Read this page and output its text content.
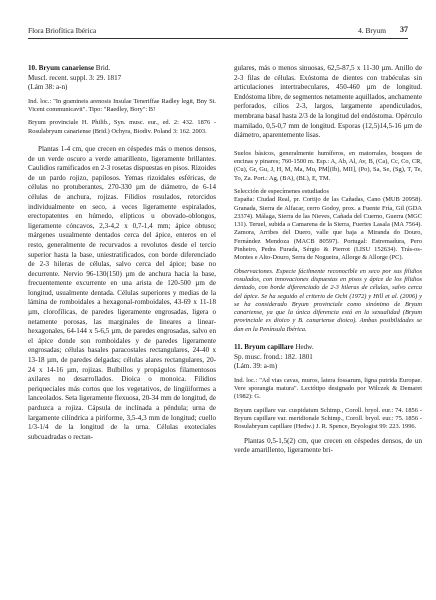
Flora Briofítica Ibérica	4. Bryum 37

10. Bryum canariense Brid.

Muscl. recent. suppl. 3: 29. 1817

(Lám 38: a-n)

Ind. loc.: "In gramineis arenosis Insulae Teneriffae Radley legit, Bny St. Vicent communicavit". Tipo: "Raedley, Bory": B!

Bryum provinciale H. Philib., Syn. musc. eur., ed. 2: 432. 1876 - Rosulabryum canariense (Brid.) Ochyra, Biodiv. Poland 3: 162. 2003.

Plantas 1-4 cm, que crecen en céspedes más o menos densos, de un verde oscuro a verde amarillento, ligeramente brillantes. Caulidios ramificados en 2-3 rosetas dispuestas en pisos. Rizoides de un pardo rojizo, papilosos. Yemas rizoidales esféricas, de células no protuberantes, 270-330 µm de diámetro, de 6-14 células de anchura, rojizas. Filidios rosulados, retorcidos individualmente en seco, a veces ligeramente espiralados, erectopatentes en húmedo, elípticos u obovado-oblongos, ligeramente cóncavos, 2,3-4,2 x 0,7-1,4 mm; ápice obtuso; márgenes usualmente dentados cerca del ápice, enteros en el resto, generalmente de recurvados a revolutos desde el tercio superior hasta la base, uniestratificados, con borde diferenciado de 2-3 hileras de células, salvo cerca del ápice; base no decurrente. Nervio 96-130(150) µm de anchura hacia la base, frecuentemente excurrente en una arista de 120-500 µm de longitud, usualmente dentada. Células superiores y medias de la lámina de romboidales a hexagonal-romboidales, 43-69 x 11-18 µm, clorofílicas, de paredes ligeramente engrosadas, ligera o netamente porosas, las marginales de lineares a linear-hexagonales, 64-144 x 5-6,5 µm, de paredes engrosadas, salvo en el ápice donde son romboidales y de paredes ligeramente engrosadas; células basales paracostales rectangulares, 24-40 x 13-18 µm, de paredes delgadas; células alares rectangulares, 20-24 x 14-16 µm, rojizas. Bulbillos y propágulos filamentosos axilares no desarrollados. Dioica o monoica. Filidios periqueciales más cortos que los vegetativos, de lingüiformes a lanceolados. Seta ligeramente flexuosa, 20-34 mm de longitud, de parduzca a rojiza. Cápsula de inclinada a péndula; urna de largamente cilíndrica a piriforme, 3,5-4,3 mm de longitud; cuello 1/3-1/4 de la longitud de la urna. Células exoteciales subcuadradas o rectan-

gulares, más o menos sinuosas, 62,5-87,5 x 11-30 µm. Anillo de 2-3 filas de células. Exóstoma de dientes con trabéculas sin articulaciones intertrabeculares, 450-460 µm de longitud. Endóstoma libre, de segmentos netamente aquillados, anchamente perforados, cilios 2-3, largos, largamente apendiculados, membrana basal hasta 2/3 de la longitud del endóstoma. Opérculo mamilado, 0,5-0,7 mm de longitud. Esporas (12,5)14,5-16 µm de diámetro, aparentemente lisas.

Suelos básicos, generalmente humíferos, en matorrales, bosques de encinas y pinares; 760-1500 m. Esp.: A, Ab, Al, Av, B, (Ca), Cc, Co, CR, (Cu), Gr, Gu, J, H, M, Ma, Mu, PM[(Ib), MII], (Po), Sa, Se, (Sg), T, Te, To, Za. Port.: Ag, (BA), (BL), E, TM.

Selección de especímenes estudiados

España: Ciudad Real, pr. Cortijo de las Cañadas, Cano (MUB 20958). Granada, Sierra de Alfacar, cerro Godoy, prox. a Fuente Fría, Gil (GDA 23374). Málaga, Sierra de las Nieves, Cañada del Cuerno, Guerra (MGC 131). Teruel, subida a Camarena de la Sierra, Fuertes Lasala (MA 7564). Zamora, Arribes del Duero, valle que baja a Miranda do Douro, Fernández Mendoza (MACB 80597). Portugal: Estremadura, Pero Pinheiro, Pedra Furada, Sérgio & Pierrot (LISU 152634). Trás-os-Montes e Alto-Douro, Serra de Nogueira, Allorge & Allorge (PC).

Observaciones. Especie fácilmente reconocible en seco por sus filidios rosulados, con innovaciones dispuestas en pisos y ápice de los filidios dentado, con borde diferenciado de 2-3 hileras de células, salvo cerca del ápice. Se ha seguido el criterio de Ochi (1972) y Hill et al. (2006) y se ha considerado Bryum provinciale como sinónimo de Bryum canariense, ya que la única diferencia está en la sexualidad (Bryum provinciale es dioico y B. canariense dioico). Ambas posibilidades se dan en la Península Ibérica.

11. Bryum capillare Hedw.

Sp. musc. frond.: 182. 1801

(Lám. 39: a-m)

Ind. loc.: "Ad vias cavas, muros, latera fossarum, ligna putrida Europae. Vere sporangia matura". Lectótipo designado por Wilczek & Demaret (1982): G.

Bryum capillare var. cuspidatum Schimp., Coroll. bryol. eur.: 74. 1856 - Bryum capillare var. meridionale Schimp., Coroll. bryol. eur.: 75. 1856 - Rosulabryum capillare (Hedw.) J. R. Spence, Bryologist 99: 223. 1996.

Plantas 0,5-1,5(2) cm, que crecen en céspedes densos, de un verde amarillento, ligeramente bri-
